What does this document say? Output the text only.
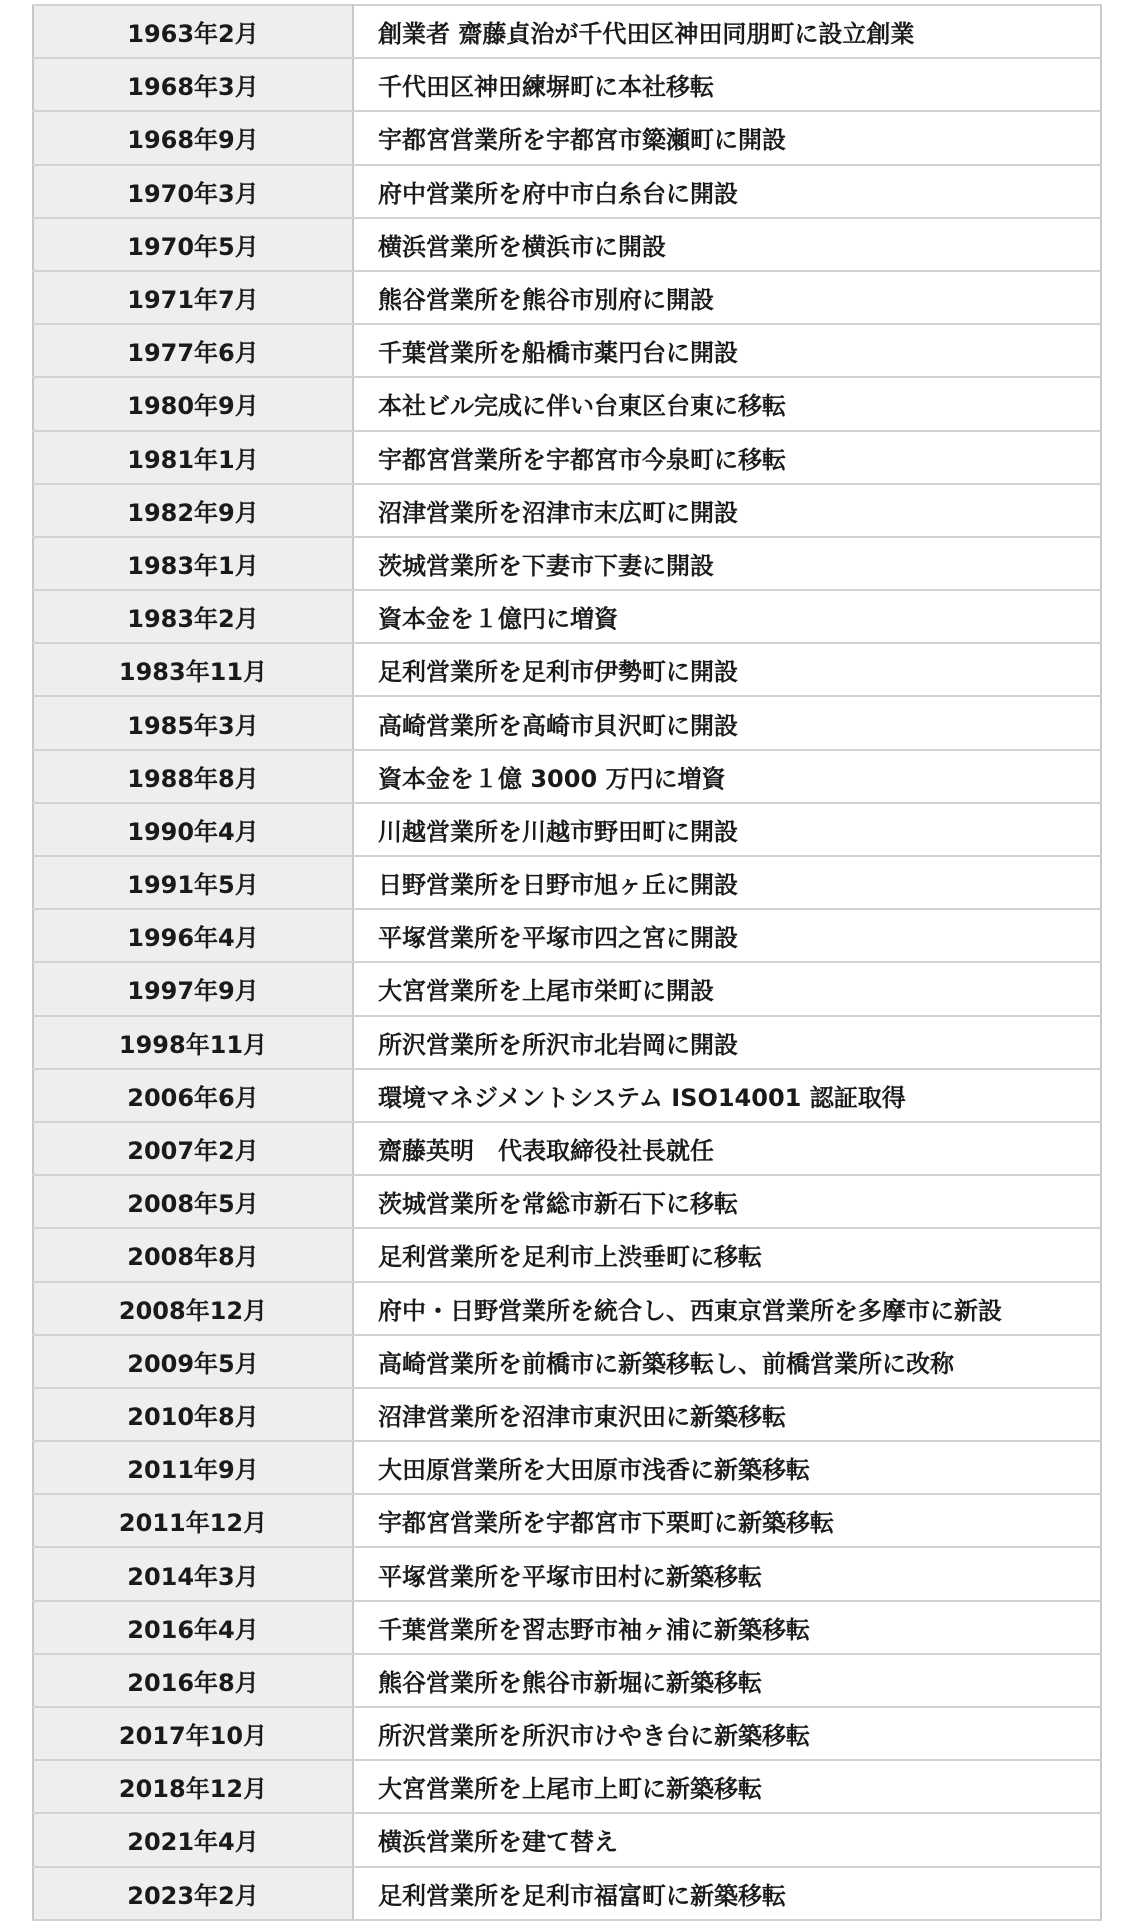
1963年2月	創業者 齋藤貞治が千代田区神田同朋町に設立創業
1968年3月	千代田区神田練塀町に本社移転
1968年9月	宇都宮営業所を宇都宮市簗瀬町に開設
1970年3月	府中営業所を府中市白糸台に開設
1970年5月	横浜営業所を横浜市に開設
1971年7月	熊谷営業所を熊谷市別府に開設
1977年6月	千葉営業所を船橋市薬円台に開設
1980年9月	本社ビル完成に伴い台東区台東に移転
1981年1月	宇都宮営業所を宇都宮市今泉町に移転
1982年9月	沼津営業所を沼津市末広町に開設
1983年1月	茨城営業所を下妻市下妻に開設
1983年2月	資本金を１億円に増資
1983年11月	足利営業所を足利市伊勢町に開設
1985年3月	高崎営業所を高崎市貝沢町に開設
1988年8月	資本金を１億 3000 万円に増資
1990年4月	川越営業所を川越市野田町に開設
1991年5月	日野営業所を日野市旭ヶ丘に開設
1996年4月	平塚営業所を平塚市四之宮に開設
1997年9月	大宮営業所を上尾市栄町に開設
1998年11月	所沢営業所を所沢市北岩岡に開設
2006年6月	環境マネジメントシステム ISO14001 認証取得
2007年2月	齋藤英明　代表取締役社長就任
2008年5月	茨城営業所を常総市新石下に移転
2008年8月	足利営業所を足利市上渋垂町に移転
2008年12月	府中・日野営業所を統合し、西東京営業所を多摩市に新設
2009年5月	高崎営業所を前橋市に新築移転し、前橋営業所に改称
2010年8月	沼津営業所を沼津市東沢田に新築移転
2011年9月	大田原営業所を大田原市浅香に新築移転
2011年12月	宇都宮営業所を宇都宮市下栗町に新築移転
2014年3月	平塚営業所を平塚市田村に新築移転
2016年4月	千葉営業所を習志野市袖ヶ浦に新築移転
2016年8月	熊谷営業所を熊谷市新堀に新築移転
2017年10月	所沢営業所を所沢市けやき台に新築移転
2018年12月	大宮営業所を上尾市上町に新築移転
2021年4月	横浜営業所を建て替え
2023年2月	足利営業所を足利市福富町に新築移転
